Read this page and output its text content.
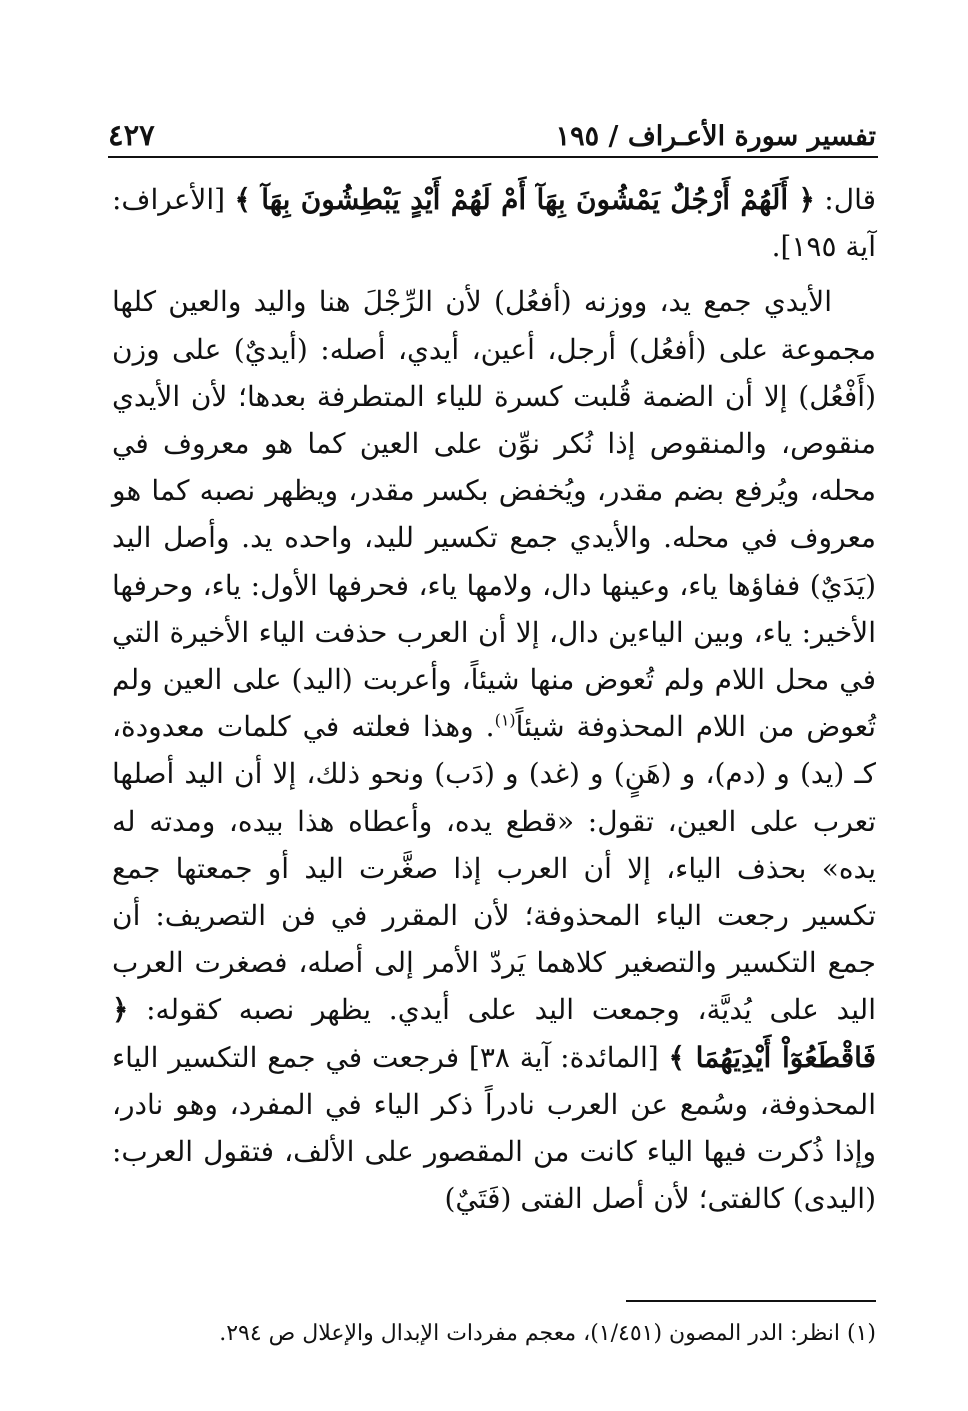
تفسير سورة الأعـراف / ١٩٥
٤٢٧

قال: ﴿ أَلَهُمْ أَرْجُلٌ يَمْشُونَ بِهَآ أَمْ لَهُمْ أَيْدٍ يَبْطِشُونَ بِهَآ ﴾ [الأعراف: آية ١٩٥].

الأيدي جمع يد، ووزنه (أفعُل) لأن الرِّجْلَ هنا واليد والعين كلها مجموعة على (أفعُل) أرجل، أعين، أيدي، أصله: (أيديٌ) على وزن (أَفْعُل) إلا أن الضمة قُلبت كسرة للياء المتطرفة بعدها؛ لأن الأيدي منقوص، والمنقوص إذا نُكر نوِّن على العين كما هو معروف في محله، ويُرفع بضم مقدر، ويُخفض بكسر مقدر، ويظهر نصبه كما هو معروف في محله. والأيدي جمع تكسير لليد، واحده يد. وأصل اليد (يَدَيٌ) ففاؤها ياء، وعينها دال، ولامها ياء، فحرفها الأول: ياء، وحرفها الأخير: ياء، وبين الياءين دال، إلا أن العرب حذفت الياء الأخيرة التي في محل اللام ولم تُعوض منها شيئاً، وأعربت (اليد) على العين ولم تُعوض من اللام المحذوفة شيئاً$^{(١)}$. وهذا فعلته في كلمات معدودة، كـ (يد) و (دم)، و (هَنٍ) و (غد) و (دَب) ونحو ذلك، إلا أن اليد أصلها تعرب على العين، تقول: «قطع يده، وأعطاه هذا بيده، ومدته له يده» بحذف الياء، إلا أن العرب إذا صغَّرت اليد أو جمعتها جمع تكسير رجعت الياء المحذوفة؛ لأن المقرر في فن التصريف: أن جمع التكسير والتصغير كلاهما يَردّ الأمر إلى أصله، فصغرت العرب اليد على يُديَّة، وجمعت اليد على أيدي. يظهر نصبه كقوله: ﴿ فَاقْطَعُوٓاْ أَيْدِيَهُمَا ﴾ [المائدة: آية ٣٨] فرجعت في جمع التكسير الياء المحذوفة، وسُمع عن العرب نادراً ذكر الياء في المفرد، وهو نادر، وإذا ذُكرت فيها الياء كانت من المقصور على الألف، فتقول العرب: (اليدى) كالفتى؛ لأن أصل الفتى (فَتَيٌ)

(١) انظر: الدر المصون (١/٤٥١)، معجم مفردات الإبدال والإعلال ص ٢٩٤.
